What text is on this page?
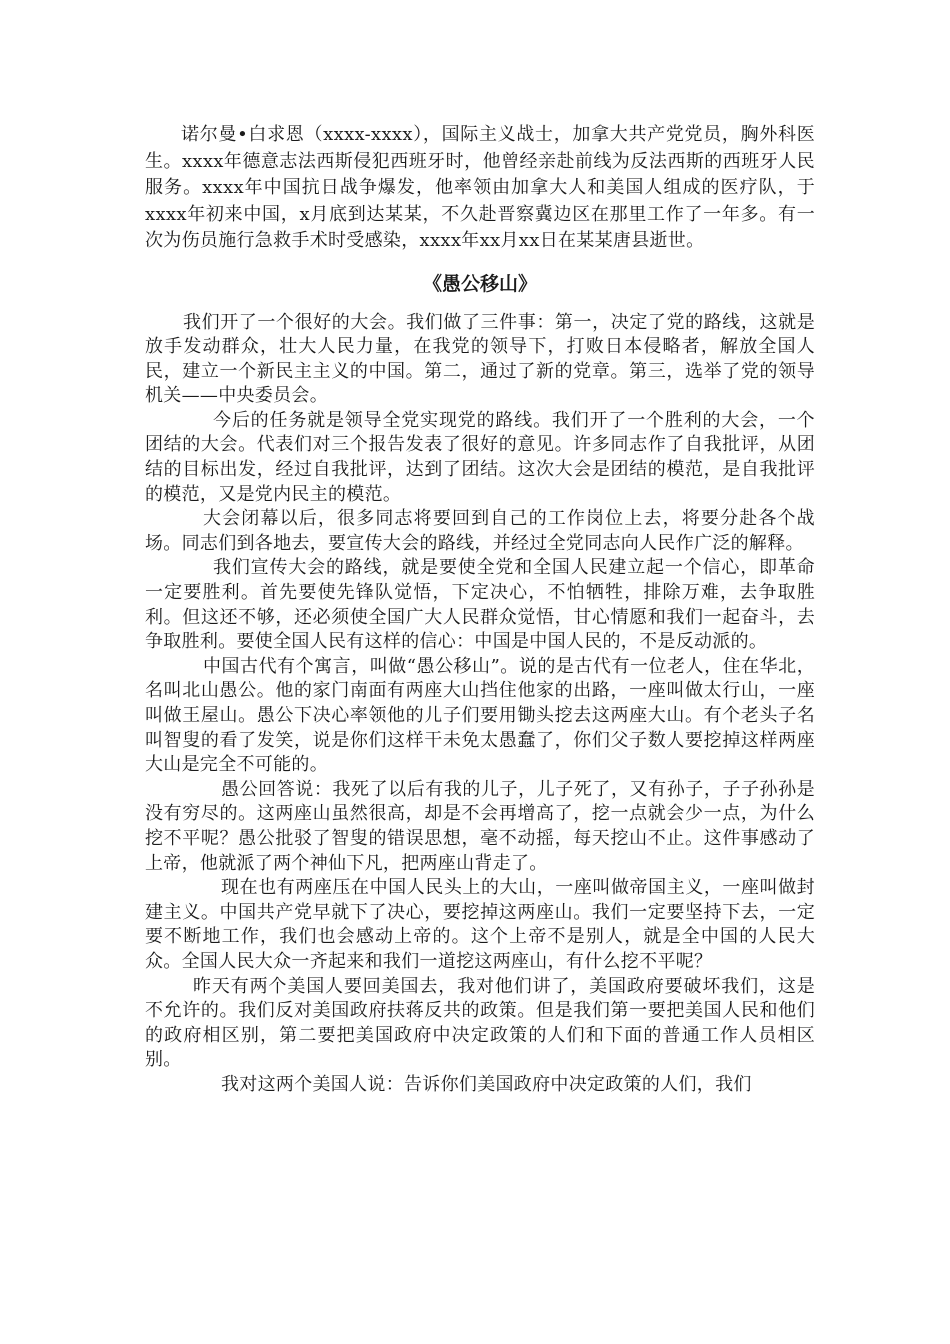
诺尔曼•白求恩（xxxx-xxxx），国际主义战士，加拿大共产党党员，胸外科医生。xxxx年德意志法西斯侵犯西班牙时，他曾经亲赴前线为反法西斯的西班牙人民服务。xxxx年中国抗日战争爆发，他率领由加拿大人和美国人组成的医疗队，于xxxx年初来中国，x月底到达某某，不久赴晋察冀边区在那里工作了一年多。有一次为伤员施行急救手术时受感染，xxxx年xx月xx日在某某唐县逝世。

《愚公移山》

我们开了一个很好的大会。我们做了三件事：第一，决定了党的路线，这就是放手发动群众，壮大人民力量，在我党的领导下，打败日本侵略者，解放全国人民，建立一个新民主主义的中国。第二，通过了新的党章。第三，选举了党的领导机关——中央委员会。

今后的任务就是领导全党实现党的路线。我们开了一个胜利的大会，一个团结的大会。代表们对三个报告发表了很好的意见。许多同志作了自我批评，从团结的目标出发，经过自我批评，达到了团结。这次大会是团结的模范，是自我批评的模范，又是党内民主的模范。

大会闭幕以后，很多同志将要回到自己的工作岗位上去，将要分赴各个战场。同志们到各地去，要宣传大会的路线，并经过全党同志向人民作广泛的解释。

我们宣传大会的路线，就是要使全党和全国人民建立起一个信心，即革命一定要胜利。首先要使先锋队觉悟，下定决心，不怕牺牲，排除万难，去争取胜利。但这还不够，还必须使全国广大人民群众觉悟，甘心情愿和我们一起奋斗，去争取胜利。要使全国人民有这样的信心：中国是中国人民的，不是反动派的。

中国古代有个寓言，叫做“愚公移山”。说的是古代有一位老人，住在华北，名叫北山愚公。他的家门南面有两座大山挡住他家的出路，一座叫做太行山，一座叫做王屋山。愚公下决心率领他的儿子们要用锄头挖去这两座大山。有个老头子名叫智叟的看了发笑，说是你们这样干未免太愚蠢了，你们父子数人要挖掉这样两座大山是完全不可能的。

愚公回答说：我死了以后有我的儿子，儿子死了，又有孙子，子子孙孙是没有穷尽的。这两座山虽然很高，却是不会再增高了，挖一点就会少一点，为什么挖不平呢？愚公批驳了智叟的错误思想，毫不动摇，每天挖山不止。这件事感动了上帝，他就派了两个神仙下凡，把两座山背走了。

现在也有两座压在中国人民头上的大山，一座叫做帝国主义，一座叫做封建主义。中国共产党早就下了决心，要挖掉这两座山。我们一定要坚持下去，一定要不断地工作，我们也会感动上帝的。这个上帝不是别人，就是全中国的人民大众。全国人民大众一齐起来和我们一道挖这两座山，有什么挖不平呢？

昨天有两个美国人要回美国去，我对他们讲了，美国政府要破坏我们，这是不允许的。我们反对美国政府扶蒋反共的政策。但是我们第一要把美国人民和他们的政府相区别，第二要把美国政府中决定政策的人们和下面的普通工作人员相区别。

我对这两个美国人说：告诉你们美国政府中决定政策的人们，我们
